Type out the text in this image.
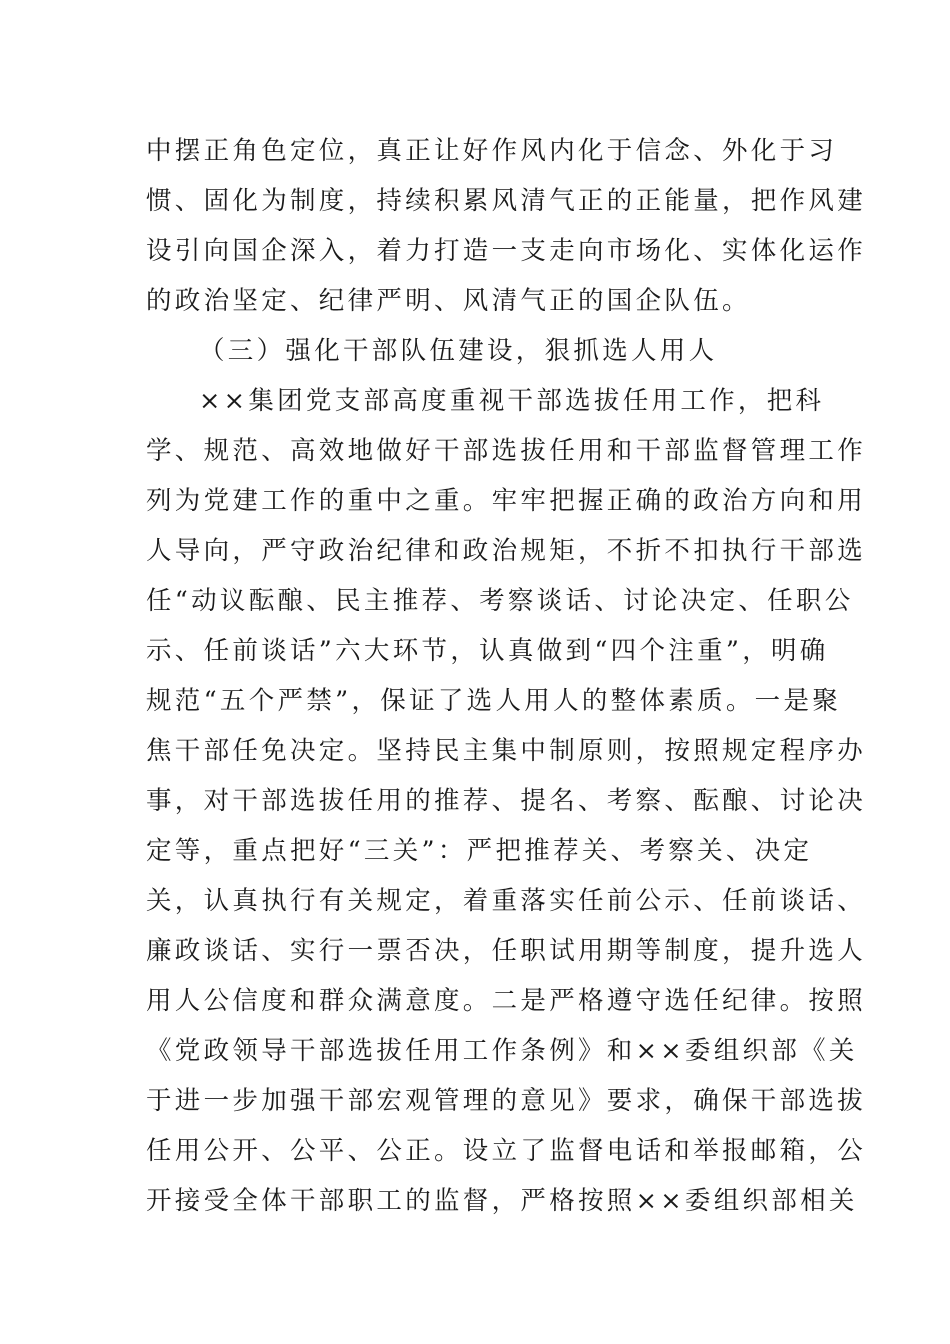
中摆正角色定位，真正让好作风内化于信念、外化于习
惯、固化为制度，持续积累风清气正的正能量，把作风建
设引向国企深入，着力打造一支走向市场化、实体化运作
的政治坚定、纪律严明、风清气正的国企队伍。
（三）强化干部队伍建设，狠抓选人用人
××集团党支部高度重视干部选拔任用工作，把科
学、规范、高效地做好干部选拔任用和干部监督管理工作
列为党建工作的重中之重。牢牢把握正确的政治方向和用
人导向，严守政治纪律和政治规矩，不折不扣执行干部选
任“动议酝酿、民主推荐、考察谈话、讨论决定、任职公
示、任前谈话”六大环节，认真做到“四个注重”，明确
规范“五个严禁”，保证了选人用人的整体素质。一是聚
焦干部任免决定。坚持民主集中制原则，按照规定程序办
事，对干部选拔任用的推荐、提名、考察、酝酿、讨论决
定等，重点把好“三关”：严把推荐关、考察关、决定
关，认真执行有关规定，着重落实任前公示、任前谈话、
廉政谈话、实行一票否决，任职试用期等制度，提升选人
用人公信度和群众满意度。二是严格遵守选任纪律。按照
《党政领导干部选拔任用工作条例》和××委组织部《关
于进一步加强干部宏观管理的意见》要求，确保干部选拔
任用公开、公平、公正。设立了监督电话和举报邮箱，公
开接受全体干部职工的监督，严格按照××委组织部相关
